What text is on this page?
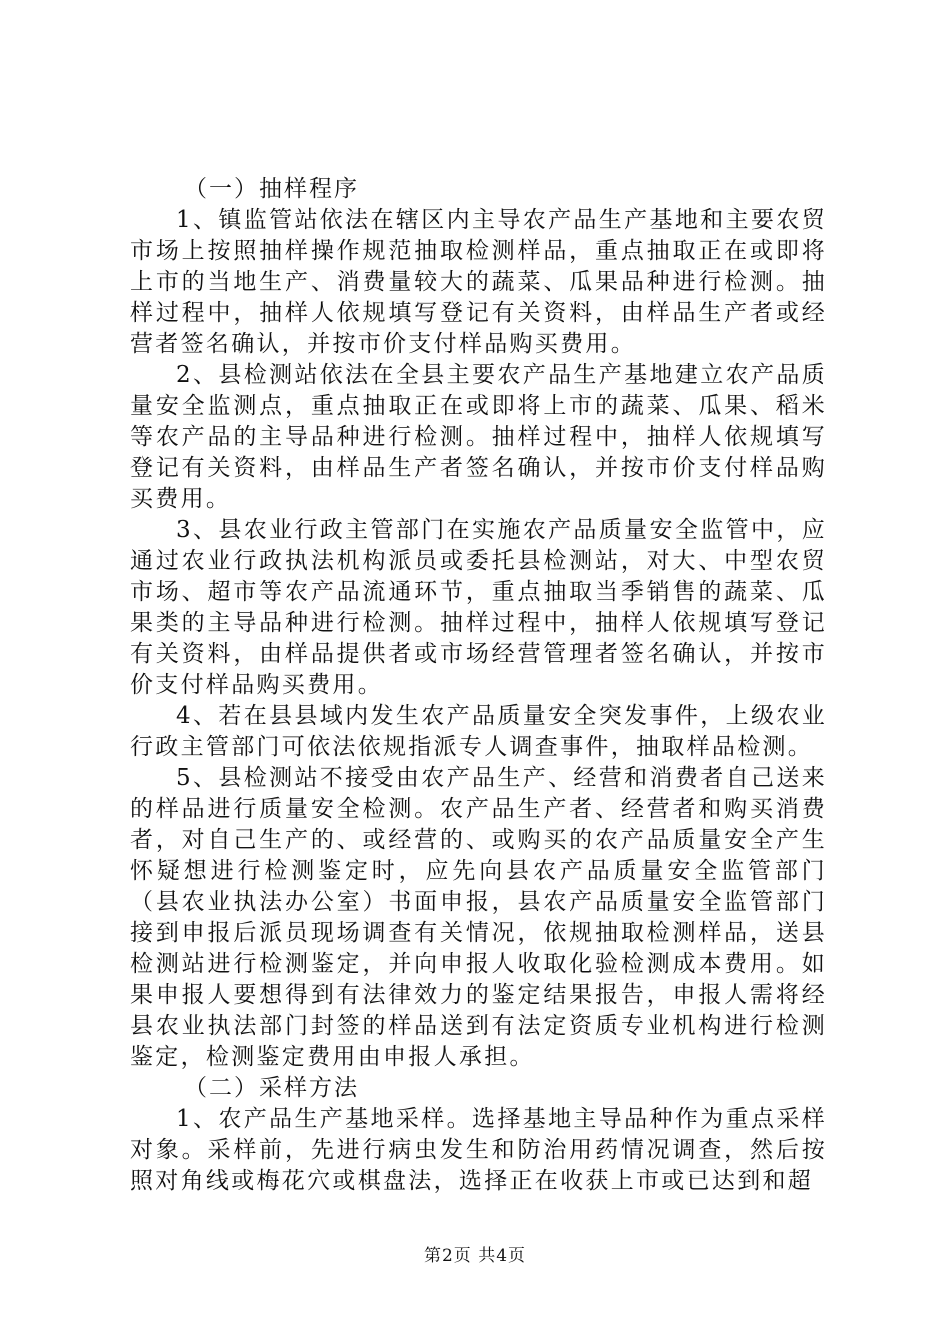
（一）抽样程序

1、镇监管站依法在辖区内主导农产品生产基地和主要农贸市场上按照抽样操作规范抽取检测样品，重点抽取正在或即将上市的当地生产、消费量较大的蔬菜、瓜果品种进行检测。抽样过程中，抽样人依规填写登记有关资料，由样品生产者或经营者签名确认，并按市价支付样品购买费用。

2、县检测站依法在全县主要农产品生产基地建立农产品质量安全监测点，重点抽取正在或即将上市的蔬菜、瓜果、稻米等农产品的主导品种进行检测。抽样过程中，抽样人依规填写登记有关资料，由样品生产者签名确认，并按市价支付样品购买费用。

3、县农业行政主管部门在实施农产品质量安全监管中，应通过农业行政执法机构派员或委托县检测站，对大、中型农贸市场、超市等农产品流通环节，重点抽取当季销售的蔬菜、瓜果类的主导品种进行检测。抽样过程中，抽样人依规填写登记有关资料，由样品提供者或市场经营管理者签名确认，并按市价支付样品购买费用。

4、若在县县域内发生农产品质量安全突发事件，上级农业行政主管部门可依法依规指派专人调查事件，抽取样品检测。

5、县检测站不接受由农产品生产、经营和消费者自己送来的样品进行质量安全检测。农产品生产者、经营者和购买消费者，对自己生产的、或经营的、或购买的农产品质量安全产生怀疑想进行检测鉴定时，应先向县农产品质量安全监管部门（县农业执法办公室）书面申报，县农产品质量安全监管部门接到申报后派员现场调查有关情况，依规抽取检测样品，送县检测站进行检测鉴定，并向申报人收取化验检测成本费用。如果申报人要想得到有法律效力的鉴定结果报告，申报人需将经县农业执法部门封签的样品送到有法定资质专业机构进行检测鉴定，检测鉴定费用由申报人承担。

（二）采样方法

1、农产品生产基地采样。选择基地主导品种作为重点采样对象。采样前，先进行病虫发生和防治用药情况调查，然后按照对角线或梅花穴或棋盘法，选择正在收获上市或已达到和超

第2页 共4页
